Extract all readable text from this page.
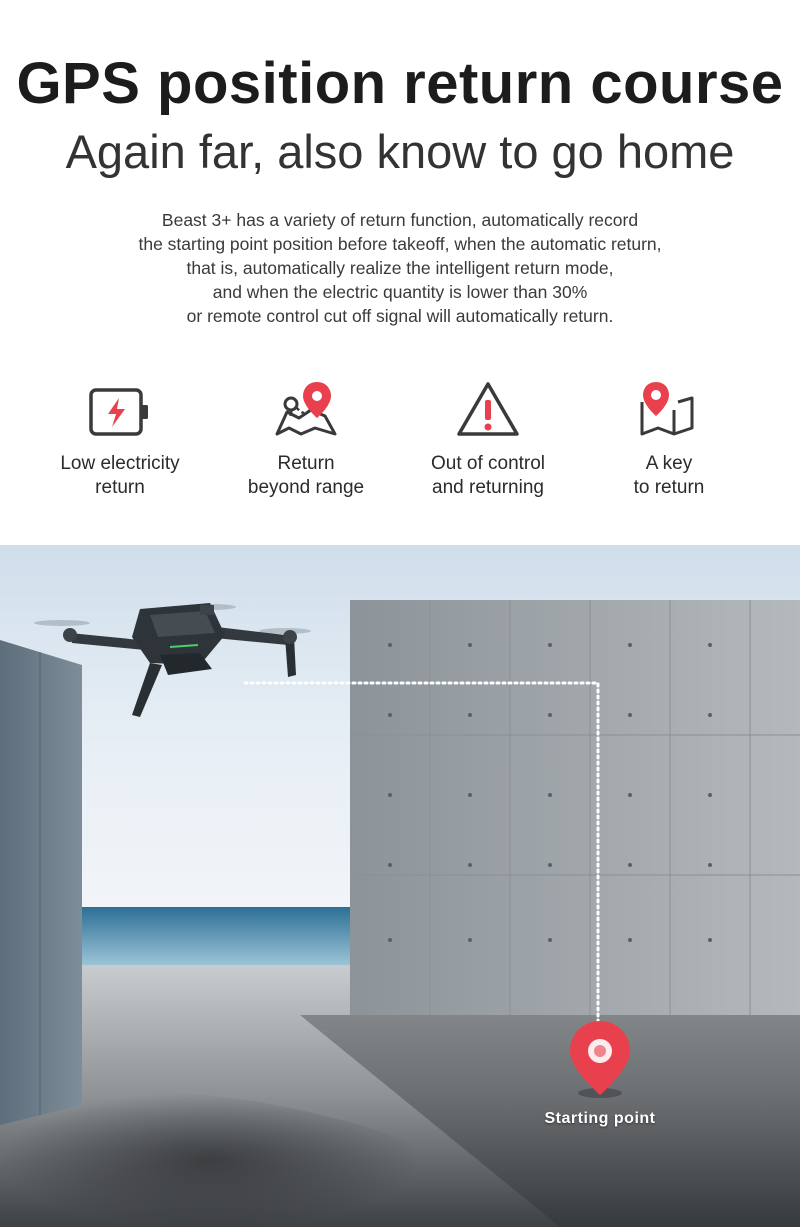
GPS position return course
Again far, also know to go home
Beast 3+ has a variety of return function, automatically record
the starting point position before takeoff, when the automatic return,
that is, automatically realize the intelligent return mode,
and when the electric quantity is lower than 30%
or remote control cut off signal will automatically return.
Low electricity
return
Return
beyond range
Out of control
and returning
A key
to return
Starting point
